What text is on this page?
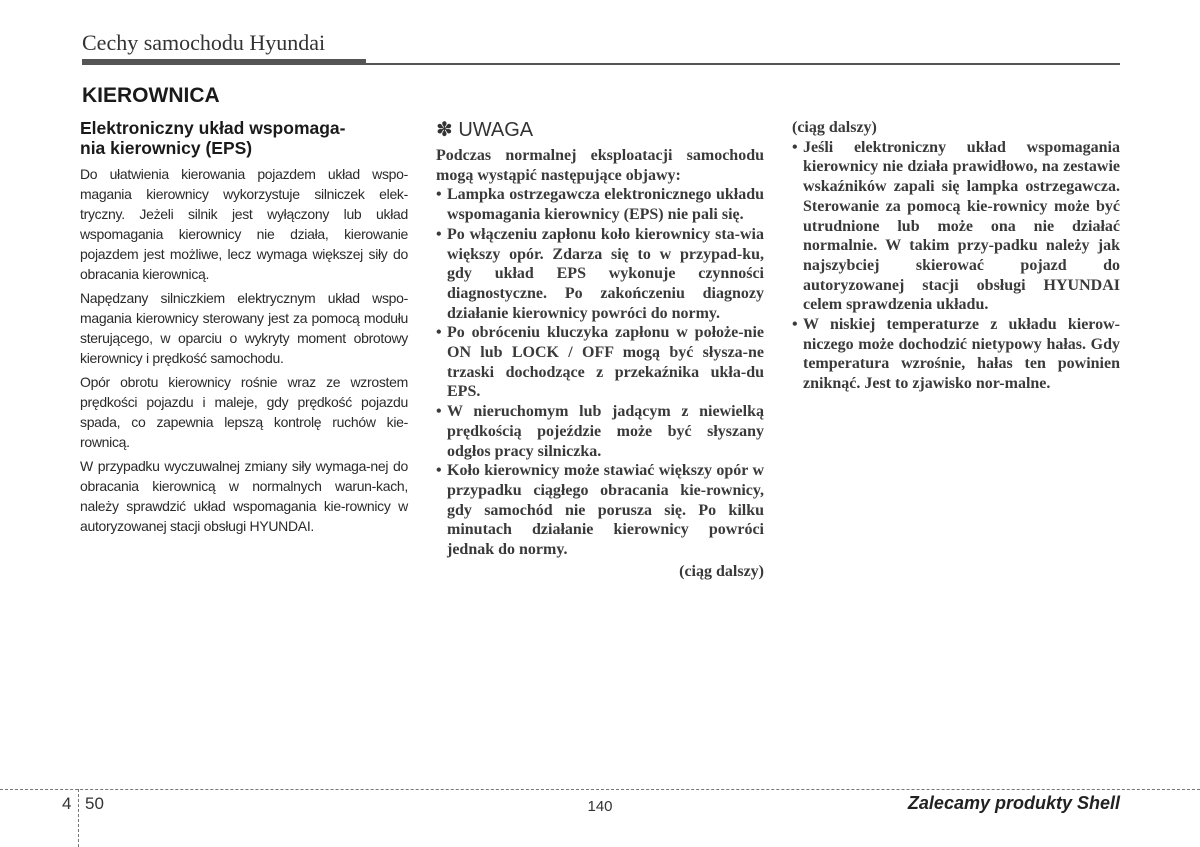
Cechy samochodu Hyundai
KIEROWNICA
Elektroniczny układ wspomaga-
nia kierownicy (EPS)

Do ułatwienia kierowania pojazdem układ wspo-magania kierownicy wykorzystuje silniczek elek-tryczny. Jeżeli silnik jest wyłączony lub układ wspomagania kierownicy nie działa, kierowanie pojazdem jest możliwe, lecz wymaga większej siły do obracania kierownicą.

Napędzany silniczkiem elektrycznym układ wspo-magania kierownicy sterowany jest za pomocą modułu sterującego, w oparciu o wykryty moment obrotowy kierownicy i prędkość samochodu.

Opór obrotu kierownicy rośnie wraz ze wzrostem prędkości pojazdu i maleje, gdy prędkość pojazdu spada, co zapewnia lepszą kontrolę ruchów kie-rownicą.

W przypadku wyczuwalnej zmiany siły wymaga-nej do obracania kierownicą w normalnych warun-kach, należy sprawdzić układ wspomagania kie-rownicy w autoryzowanej stacji obsługi HYUNDAI.

✽ UWAGA

Podczas normalnej eksploatacji samochodu mogą wystąpić następujące objawy:

• Lampka ostrzegawcza elektronicznego układu wspomagania kierownicy (EPS) nie pali się.
• Po włączeniu zapłonu koło kierownicy sta-wia większy opór. Zdarza się to w przypad-ku, gdy układ EPS wykonuje czynności diagnostyczne. Po zakończeniu diagnozy działanie kierownicy powróci do normy.
• Po obróceniu kluczyka zapłonu w położe-nie ON lub LOCK / OFF mogą być słysza-ne trzaski dochodzące z przekaźnika ukła-du EPS.
• W nieruchomym lub jadącym z niewielką prędkością pojeździe może być słyszany odgłos pracy silniczka.
• Koło kierownicy może stawiać większy opór w przypadku ciągłego obracania kie-rownicy, gdy samochód nie porusza się. Po kilku minutach działanie kierownicy powróci jednak do normy.

(ciąg dalszy)

(ciąg dalszy)

• Jeśli elektroniczny układ wspomagania kierownicy nie działa prawidłowo, na zestawie wskaźników zapali się lampka ostrzegawcza. Sterowanie za pomocą kie-rownicy może być utrudnione lub może ona nie działać normalnie. W takim przy-padku należy jak najszybciej skierować pojazd do autoryzowanej stacji obsługi HYUNDAI celem sprawdzenia układu.
• W niskiej temperaturze z układu kierow-niczego może dochodzić nietypowy hałas. Gdy temperatura wzrośnie, hałas ten powinien zniknąć. Jest to zjawisko nor-malne.
4 50	140	Zalecamy produkty Shell
